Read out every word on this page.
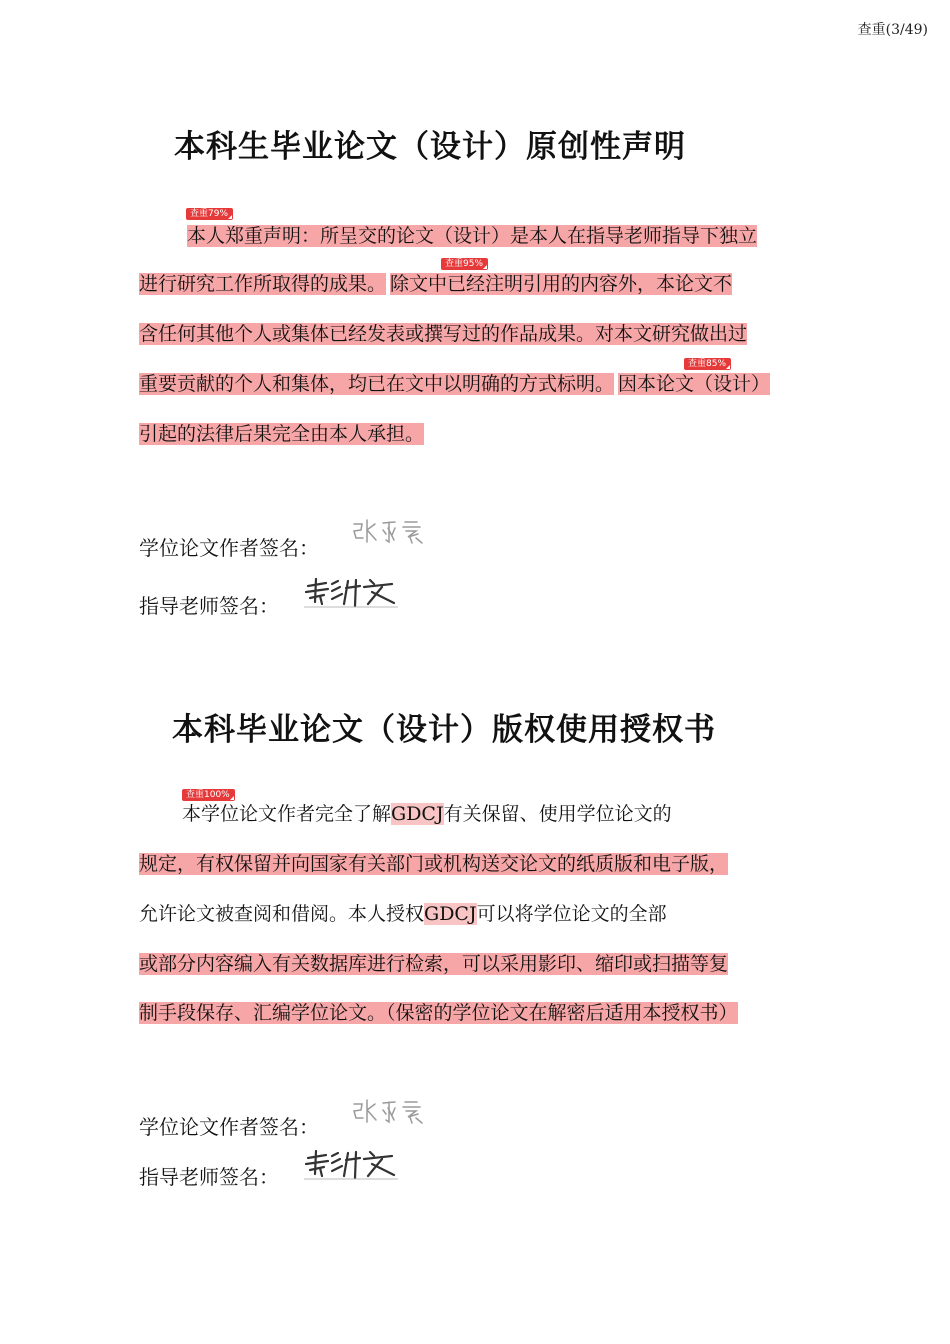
查重(3/49)
本科生毕业论文（设计）原创性声明
查重79%
本人郑重声明：所呈交的论文（设计）是本人在指导老师指导下独立
查重95%
进行研究工作所取得的成果。 除文中已经注明引用的内容外，本论文不
含任何其他个人或集体已经发表或撰写过的作品成果。对本文研究做出过
查重85%
重要贡献的个人和集体，均已在文中以明确的方式标明。 因本论文（设计）
引起的法律后果完全由本人承担。
学位论文作者签名：
指导老师签名：
本科毕业论文（设计）版权使用授权书
查重100%
本学位论文作者完全了解GDCJ有关保留、使用学位论文的
规定，有权保留并向国家有关部门或机构送交论文的纸质版和电子版，
允许论文被查阅和借阅。本人授权GDCJ可以将学位论文的全部
或部分内容编入有关数据库进行检索，可以采用影印、缩印或扫描等复
制手段保存、汇编学位论文。（保密的学位论文在解密后适用本授权书）
学位论文作者签名：
指导老师签名：
